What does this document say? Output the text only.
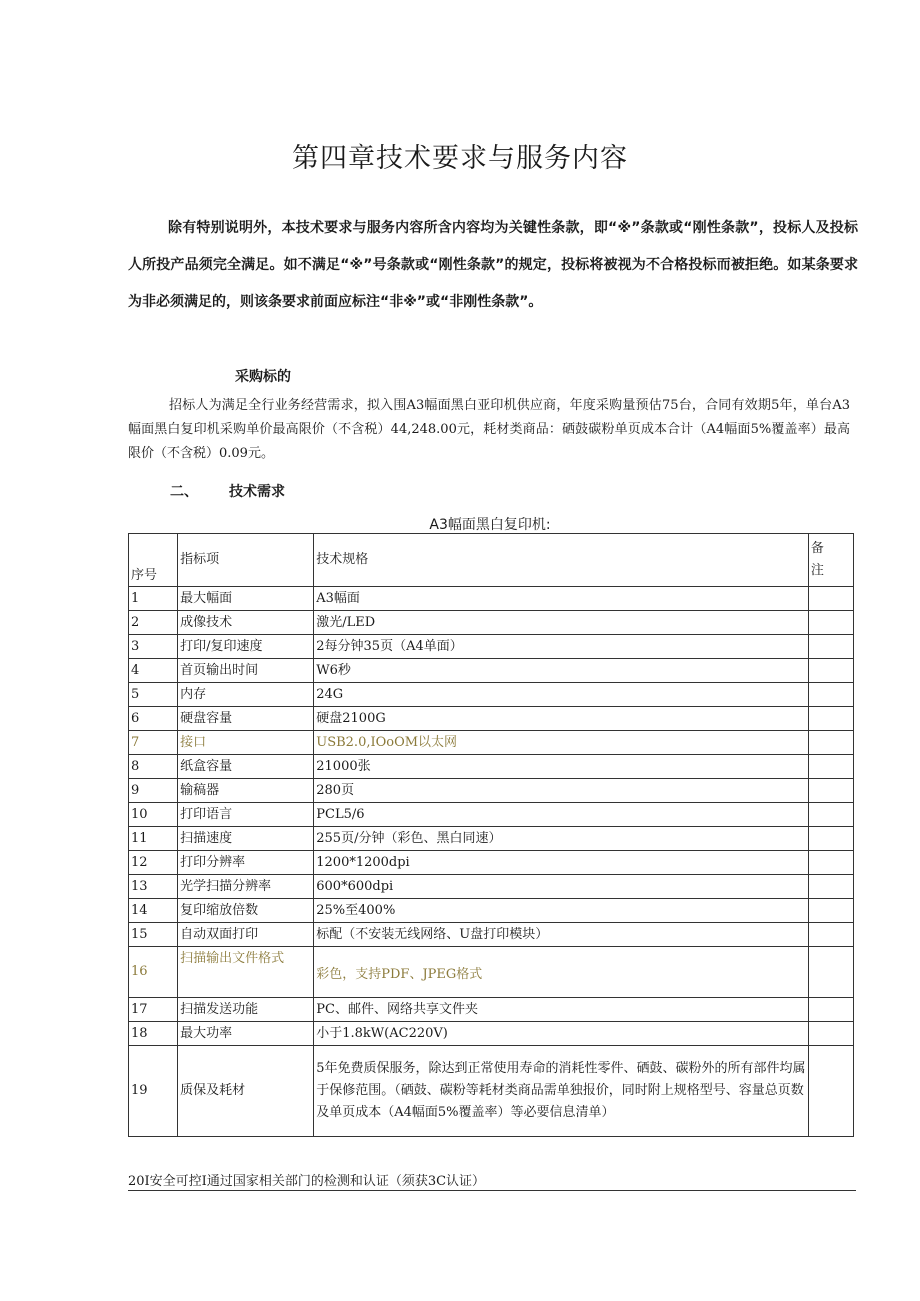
第四章技术要求与服务内容

除有特别说明外，本技术要求与服务内容所含内容均为关键性条款，即“※”条款或“刚性条款”，投标人及投标人所投产品须完全满足。如不满足“※”号条款或“刚性条款”的规定，投标将被视为不合格投标而被拒绝。如某条要求为非必须满足的，则该条要求前面应标注“非※”或“非刚性条款”。

采购标的

招标人为满足全行业务经营需求，拟入围A3幅面黑白亚印机供应商，年度采购量预估75台，合同有效期5年，单台A3幅面黑白复印机采购单价最高限价（不含税）44,248.00元，耗材类商品：硒鼓碳粉单页成本合计（A4幅面5%覆盖率）最高限价（不含税）0.09元。

二、 技术需求
A3幅面黑白复印机:
序号	指标项	技术规格	备
注
1	最大幅面	A3幅面	
2	成像技术	激光/LED	
3	打印/复印速度	2每分钟35页（A4单面）	
4	首页输出时间	W6秒	
5	内存	24G	
6	硬盘容量	硬盘2100G	
7	接口	USB2.0,IOoOM以太网	
8	纸盒容量	21000张	
9	输稿器	280页	
10	打印语言	PCL5/6	
11	扫描速度	255页/分钟（彩色、黑白同速）	
12	打印分辨率	1200*1200dpi	
13	光学扫描分辨率	600*600dpi	
14	复印缩放倍数	25%至400%	
15	自动双面打印	标配（不安装无线网络、U盘打印模块）	
16	扫描输出文件格式	彩色，支持PDF、JPEG格式	
17	扫描发送功能	PC、邮件、网络共享文件夹	
18	最大功率	小于1.8kW(AC220V)	
19	质保及耗材	5年免费质保服务，除达到正常使用寿命的消耗性零件、硒鼓、碳粉外的所有部件均属于保修范围。（硒鼓、碳粉等耗材类商品需单独报价，同时附上规格型号、容量总页数及单页成本（A4幅面5%覆盖率）等必要信息清单）	
20I安全可控I通过国家相关部门的检测和认证（须获3C认证）
